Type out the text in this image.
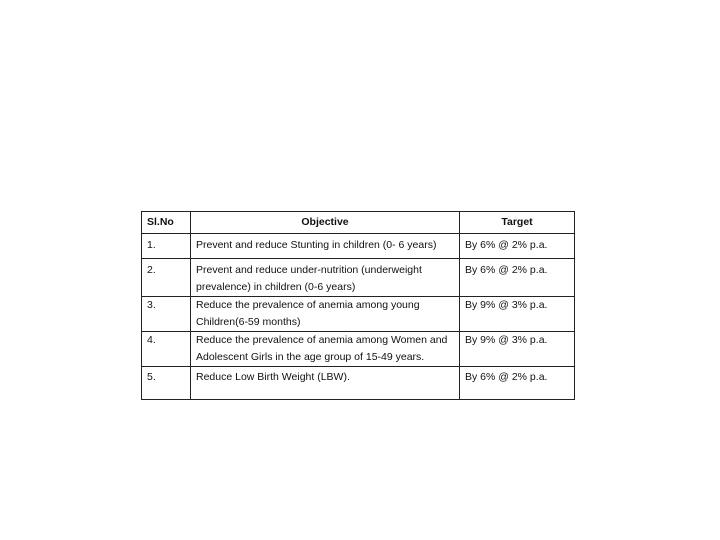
Sl.No	Objective	Target
1.	Prevent and reduce Stunting in children (0- 6 years)	By 6% @ 2% p.a.
2.	Prevent and reduce under-nutrition (underweight prevalence) in children (0-6 years)	By 6% @ 2% p.a.
3.	Reduce the prevalence of anemia among young Children(6-59 months)	By 9% @ 3% p.a.
4.	Reduce the prevalence of anemia among Women and Adolescent Girls in the age group of 15-49 years.	By 9% @ 3% p.a.
5.	Reduce Low Birth Weight (LBW).	By 6% @ 2% p.a.
